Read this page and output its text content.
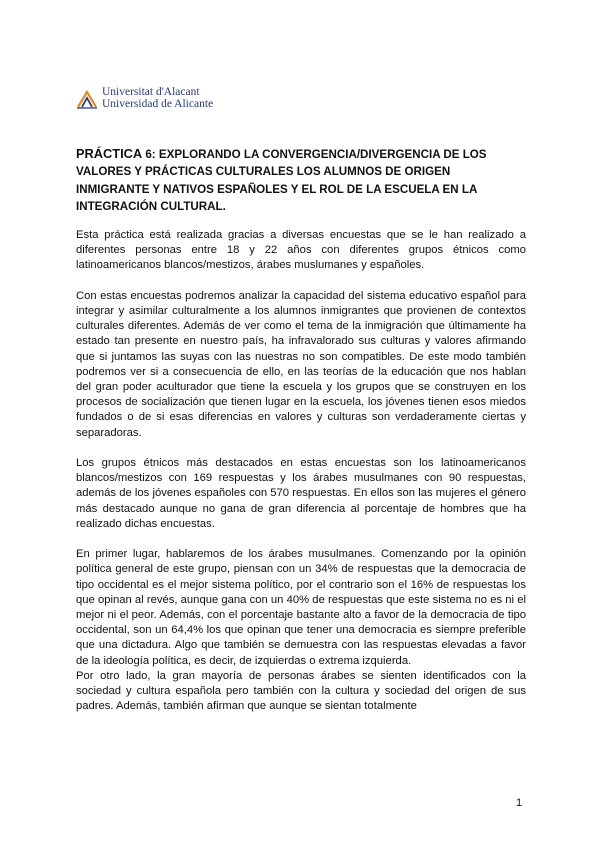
Universitat d'Alacant
Universidad de Alicante
PRÁCTICA 6: EXPLORANDO LA CONVERGENCIA/DIVERGENCIA DE LOS VALORES Y PRÁCTICAS CULTURALES LOS ALUMNOS DE ORIGEN INMIGRANTE Y NATIVOS ESPAÑOLES Y EL ROL DE LA ESCUELA EN LA INTEGRACIÓN CULTURAL.

Esta práctica está realizada gracias a diversas encuestas que se le han realizado a diferentes personas entre 18 y 22 años con diferentes grupos étnicos como latinoamericanos blancos/mestizos, árabes muslumanes y españoles.

Con estas encuestas podremos analizar la capacidad del sistema educativo español para integrar y asimilar culturalmente a los alumnos inmigrantes que provienen de contextos culturales diferentes. Además de ver como el tema de la inmigración que últimamente ha estado tan presente en nuestro país, ha infravalorado sus culturas y valores afirmando que si juntamos las suyas con las nuestras no son compatibles. De este modo también podremos ver si a consecuencia de ello, en las teorías de la educación que nos hablan del gran poder aculturador que tiene la escuela y los grupos que se construyen en los procesos de socialización que tienen lugar en la escuela, los jóvenes tienen esos miedos fundados o de si esas diferencias en valores y culturas son verdaderamente ciertas y separadoras.

Los grupos étnicos más destacados en estas encuestas son los latinoamericanos blancos/mestizos con 169 respuestas y los árabes musulmanes con 90 respuestas, además de los jóvenes españoles con 570 respuestas. En ellos son las mujeres el género más destacado aunque no gana de gran diferencia al porcentaje de hombres que ha realizado dichas encuestas.

En primer lugar, hablaremos de los árabes musulmanes. Comenzando por la opinión política general de este grupo, piensan con un 34% de respuestas que la democracia de tipo occidental es el mejor sistema político, por el contrario son el 16% de respuestas los que opinan al revés, aunque gana con un 40% de respuestas que este sistema no es ni el mejor ni el peor. Además, con el porcentaje bastante alto a favor de la democracia de tipo occidental, son un 64,4% los que opinan que tener una democracia es siempre preferible que una dictadura. Algo que también se demuestra con las respuestas elevadas a favor de la ideología política, es decir, de izquierdas o extrema izquierda.

Por otro lado, la gran mayoría de personas árabes se sienten identificados con la sociedad y cultura española pero también con la cultura y sociedad del origen de sus padres. Además, también afirman que aunque se sientan totalmente

1
